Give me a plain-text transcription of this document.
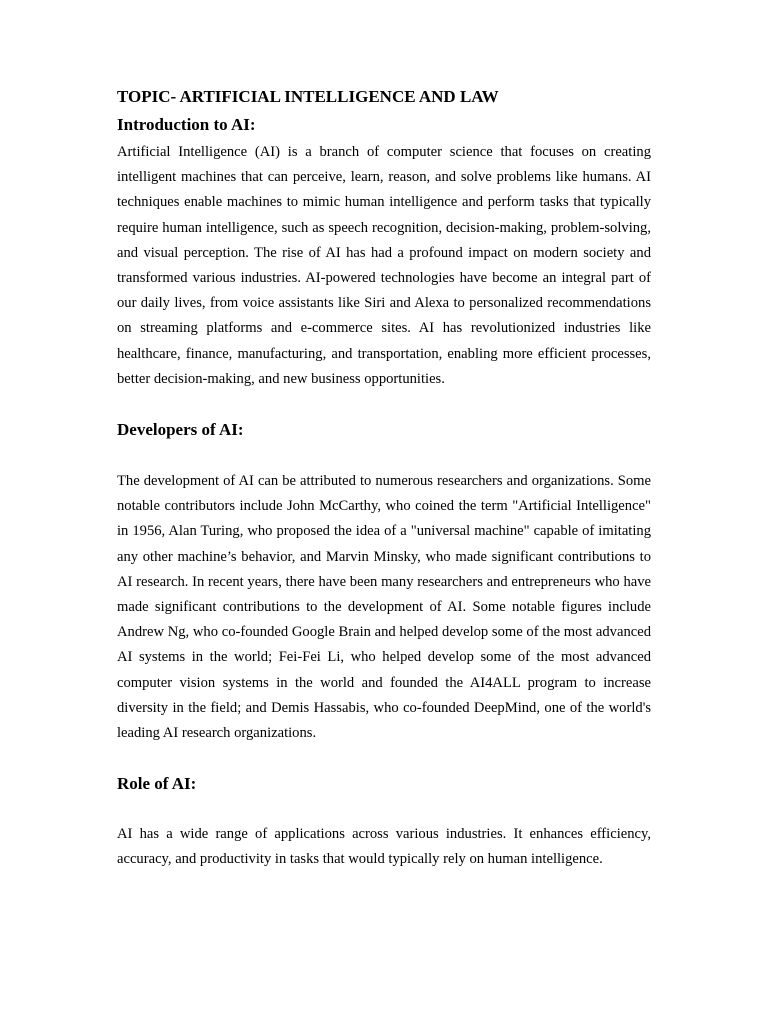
TOPIC- ARTIFICIAL INTELLIGENCE AND LAW
Introduction to AI:

Artificial Intelligence (AI) is a branch of computer science that focuses on creating intelligent machines that can perceive, learn, reason, and solve problems like humans. AI techniques enable machines to mimic human intelligence and perform tasks that typically require human intelligence, such as speech recognition, decision-making, problem-solving, and visual perception. The rise of AI has had a profound impact on modern society and transformed various industries. AI-powered technologies have become an integral part of our daily lives, from voice assistants like Siri and Alexa to personalized recommendations on streaming platforms and e-commerce sites. AI has revolutionized industries like healthcare, finance, manufacturing, and transportation, enabling more efficient processes, better decision-making, and new business opportunities.

Developers of AI:

The development of AI can be attributed to numerous researchers and organizations. Some notable contributors include John McCarthy, who coined the term "Artificial Intelligence" in 1956, Alan Turing, who proposed the idea of a "universal machine" capable of imitating any other machine’s behavior, and Marvin Minsky, who made significant contributions to AI research. In recent years, there have been many researchers and entrepreneurs who have made significant contributions to the development of AI. Some notable figures include Andrew Ng, who co-founded Google Brain and helped develop some of the most advanced AI systems in the world; Fei-Fei Li, who helped develop some of the most advanced computer vision systems in the world and founded the AI4ALL program to increase diversity in the field; and Demis Hassabis, who co-founded DeepMind, one of the world's leading AI research organizations.

Role of AI:

AI has a wide range of applications across various industries. It enhances efficiency, accuracy, and productivity in tasks that would typically rely on human intelligence.
